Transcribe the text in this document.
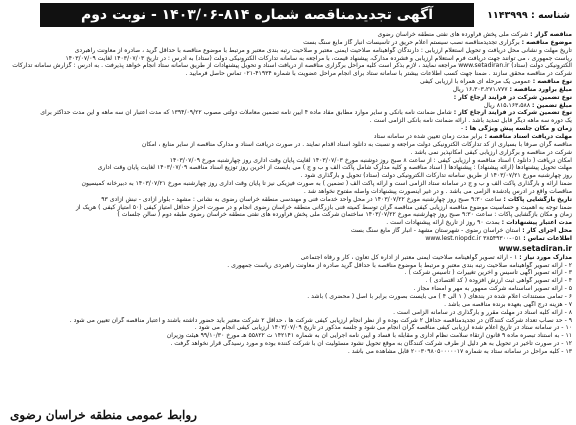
شناسه : ۱۱۴۳۹۹۹
آگهی تجدیدمناقصه شماره ۸۱۴-۱۴۰۳/۰۶ - نوبت دوم
مناقصه گزار : شرکت ملی پخش فرآورده های نفتی منطقه خراسان رضوی
موضوع مناقصه : برگزاری تجدیدمناقصه نصب سیستم اعلام حریق در تأسیسات انبار گاز مایع سنگ بست
تاریخ مهلت و نشانی محل دریافت و تحویل استعلام ارزیابی : دارندگان گواهینامه صلاحیت ایمنی معتبر و صلاحیت رتبه بندی معتبر و مرتبط با موضوع مناقصه با حداقل گرید ، صادره از معاونت راهبردی
ریاست جمهوری ، می توانند جهت دریافت فرم استعلام ارزیابی و فشرده مدارک، پیشنهاد قیمت، با مراجعه به سامانه تدارکات الکترونیکی دولت (ستاد) به آدرس : در تاریخ ۱۴۰۳/۰۷/۰۳ لغایت ۱۴۰۳/۰۷/۰۹
الکترونیکی دولت (ستاد) www.setadiran.ir مراجعه نمایند ، لازم بذکر است کلیه مراحل برگزاری مناقصه از دریافت اسناد و تحویل پیشنهادات از طریق سامانه ستاد انجام خواهد پذیرفت . به آدرس : گزارش سامانه تدارکات
شرکت در مناقصه محقق سازند . ضمناً جهت کسب اطلاعات بیشتر با سامانه ستاد برای انجام مراحل عضویت با شماره ۴۱۹۳۴-۰۲۱ تماس حاصل فرمایید .
نوع مناقصه : عمومی یک مرحله ای همراه با ارزیابی کیفی
مبلغ برآورد مناقصه : ۱۶،۳۰۳،۲۷۱،۷۷۷ ریال
نوع تضمین شرکت در فرآیند ارجاع کار :
مبلغ تضمین : ۸۱۵،۱۶۳،۵۸۸ ریال
نوع تضمین شرکت در فرآیند ارجاع کار : شامل ضمانت نامه بانکی و سایر موارد مطابق مفاد ماده ۴ آیین نامه تضمین معاملات دولتی مصوب ۱۳۹۴/۰۹/۲۲ که مدت اعتبار آن سه ماهه و این مدت حداکثر برای
یک دوره سه ماهه دیگر قابل تمدید باشد . ارائه ضمانت نامه بانکی الزامی است .
زمان و مکان جلسه پیش ویژگی ها : -
مهلت دریافت اسناد مناقصه : برابر مدت زمان تعیین شده در سامانه ستاد
مناقصه گران صرفاً با بسیاری از کد تدارکات الکترونیکی دولت مراجعه و نسبت به دانلود اسناد اقدام نمایند . در صورت دریافت اسناد و مدارک مناقصه از سایر منابع ، امکان
شرکت در مناقصه و برگزاری ارزیابی کیفی امکانپذیر نمی باشد .
امکان دریافت ( دانلود ) اسناد مناقصه و ارزیابی کیفی : از ساعت ۸ صبح روز دوشنبه مورخ ۱۴۰۳/۰۷/۰۳ لغایت پایان وقت اداری روز چهارشنبه مورخ ۱۴۰۳/۰۷/۰۹
مهلت تحویل پیشنهادها (ارائه پیشنهاد) : پیشنهادها ( اسناد مناقصه و کلیه مدارک شامل پاکت الف و ب و ج ) می بایست از آخرین روز توزیع اسناد مناقصه ۱۴۰۳/۰۷/۰۹ لغایت پایان وقت اداری
روز چهارشنبه مورخ ۱۴۰۳/۰۷/۲۱ از طریق سامانه تدارکات الکترونیکی دولت (ستاد) تحویل و بارگذاری شود .
ضمناً ارائه و بارگذاری پاکت الف و ب و ج در سامانه ستاد الزامی است و ارائه پاکت الف ( تضمین ) به صورت فیزیکی نیز تا پایان وقت اداری روز چهارشنبه مورخ ۱۴۰۳/۰۷/۲۱ به دبیرخانه کمیسیون
مناقصات واقع در آدرس یادشده الزامی می باشد . و در غیر اینصورت پیشنهادات واصله مفتوح نخواهد شد .
تاریخ بازگشایی پاکات : ساعت ۹:۳۰ صبح روز چهارشنبه مورخ ۱۴۰۳/۰۷/۲۲ در محل واحد خدمات فنی و مهندسی منطقه خراسان رضوی به نشانی : مشهد - بلوار آزادی - نبش آزادی ۹۳
ضمناً توجه به اهمیت و حساسیت موضوع مناقصه ارزیابی کیفی مناقصه گران توسط کمیته فنی بازرگانی منطقه خراسان رضوی انجام و در صورت احراز حداقل امتیاز کیفی (۵۰ امتیاز کیفی ) هریک از
زمان و مکان بازگشایی پاکات : ساعت ۹:۳۰ صبح روز چهارشنبه مورخ ۱۴۰۳/۰۷/۲۲ ساختمان شرکت ملی پخش فرآورده های نفتی منطقه خراسان رضوی طبقه دوم ( سالن جلسات )
مدت اعتبار پیشنهادات : بمدت ۹۰ روز از تاریخ ارائه پیشنهادات است .
محل اجرای کار : استان خراسان رضوی - شهرستان مشهد - انبار گاز مایع سنگ بست
اطلاعات تماس : ۰۵۱-۳۸۵۴۹۳۰۰ www.lest.niopdc.ir
www.setadiran.ir
مدارک مورد نیاز : ۱ - ارائه تصویر گواهینامه صلاحیت ایمنی معتبر از اداره کل تعاون ، کار و رفاه اجتماعی
۲ - ارائه تصویر گواهینامه صلاحیت رتبه بندی معتبر و مرتبط با موضوع مناقصه با حداقل گرید صادره از معاونت راهبردی ریاست جمهوری .
۳ - ارائه تصویر آگهی تأسیس و آخرین تغییرات ( تأسیس شرکت ) .
۴ - ارائه تصویر گواهی ثبت ارزش افزوده ( کد اقتصادی ) .
۵ - ارائه تصویر اساسنامه شرکت ممهور به مهر و امضاء مجاز .
۶ - تمامی مستندات اعلام شده در بندهای ( ۱ الی ۴ ) می بایست بصورت برابر با اصل ( محضری ) باشد .
۷ - هزینه درج آگهی بعهده برنده مناقصه می باشد .
۸ - ارائه کلیه اسناد در مهلت مقرر و بارگذاری در سامانه الزامی است .
۹ - حد نصاب تعداد شرکت کنندگان در تجدیدمناقصه حداقل ۲ شرکت بوده و از نظر انجام ارزیابی کیفی شرکت ها ، حداقل ۲ شرکت معتبر باید حضور داشته باشند و اعتبار مناقصه گران تعیین می شود .
۱۰ - در سامانه ستاد در تاریخ اعلام شده ارزیابی کیفی مناقصه گران انجام می شود و جلسه مذکور در تاریخ ۱۴۰۳/۰۷/۰۹ ارزیابی کیفی انجام می شود .
۱۱ - به استناد تبصره ماده ۹ قانون ارتقاء سلامت نظام اداری و مقابله با فساد و آیین نامه اجرایی آن به شماره ۱۴۲۱۴۱ ت ۵۵۸۲۲ هـ مورخ ۹۹/۱۰/۳۰ هیئت وزیران
۱۲ - در صورت تأخیر در تحویل به هر دلیل از طرف شرکت کنندگان به موقع تحویل نشود مسئولیت آن با شرکت کننده بوده و مورد رسیدگی قرار نخواهد گرفت .
۱۳ - کلیه مراحل در سامانه ستاد به شماره ۲۰۰۳۰۹۸۰۵۰۰۰۰۰۱۷ قابل مشاهده می باشد .
روابط عمومی منطقه خراسان رضوی
